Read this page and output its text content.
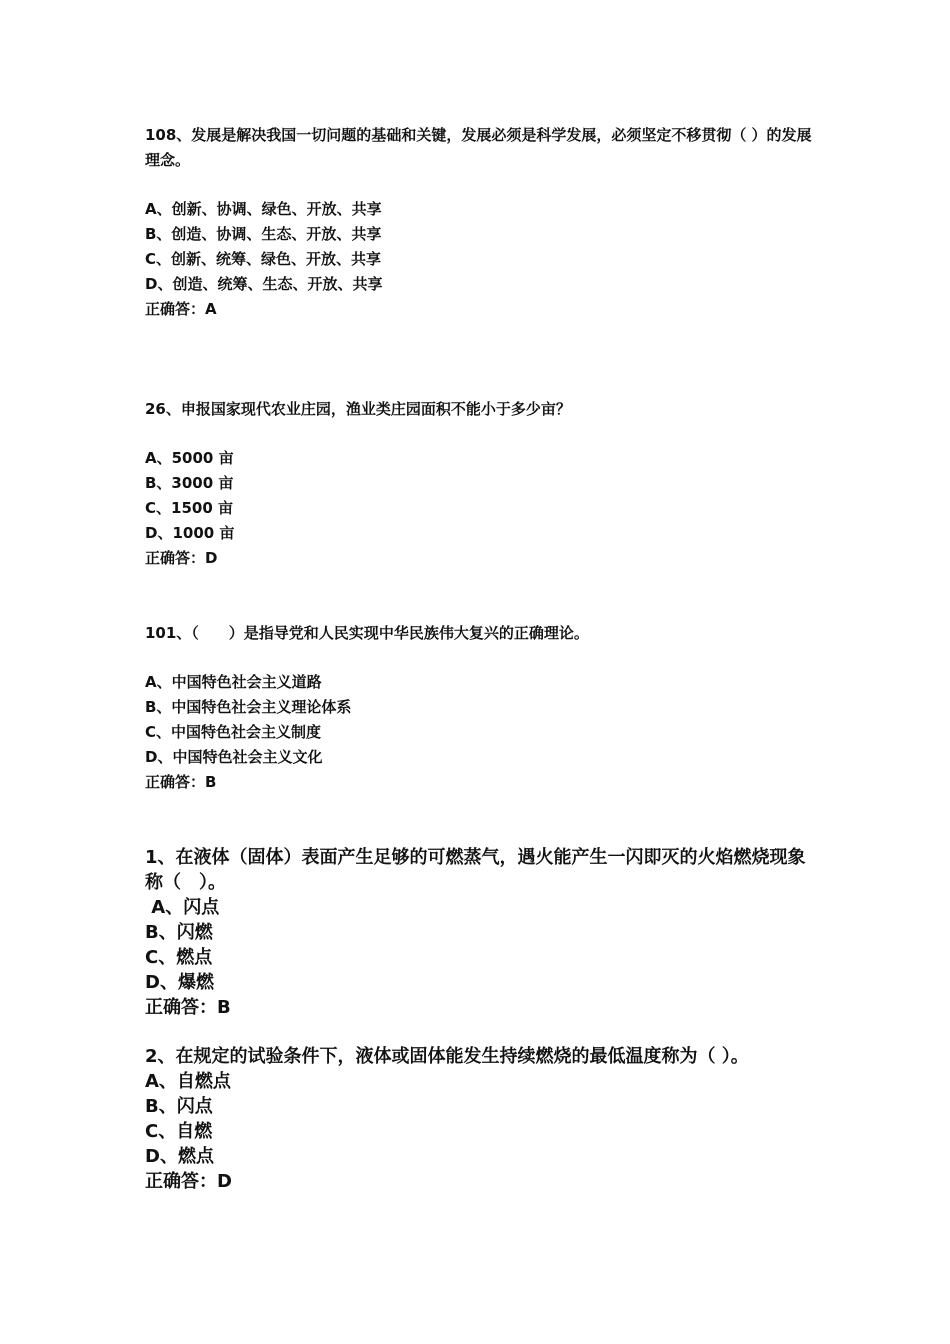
108、发展是解决我国一切问题的基础和关键，发展必须是科学发展，必须坚定不移贯彻（ ）的发展理念。

A、创新、协调、绿色、开放、共享

B、创造、协调、生态、开放、共享

C、创新、统筹、绿色、开放、共享

D、创造、统筹、生态、开放、共享

正确答：A

26、申报国家现代农业庄园，渔业类庄园面积不能小于多少亩？

A、5000 亩

B、3000 亩

C、1500 亩

D、1000 亩

正确答：D

101、（　　）是指导党和人民实现中华民族伟大复兴的正确理论。

A、中国特色社会主义道路

B、中国特色社会主义理论体系

C、中国特色社会主义制度

D、中国特色社会主义文化

正确答：B

1、在液体（固体）表面产生足够的可燃蒸气，遇火能产生一闪即灭的火焰燃烧现象称（　）。

A、闪点

B、闪燃

C、燃点

D、爆燃

正确答：B

2、在规定的试验条件下，液体或固体能发生持续燃烧的最低温度称为（ ）。

A、自燃点

B、闪点

C、自燃

D、燃点

正确答：D
